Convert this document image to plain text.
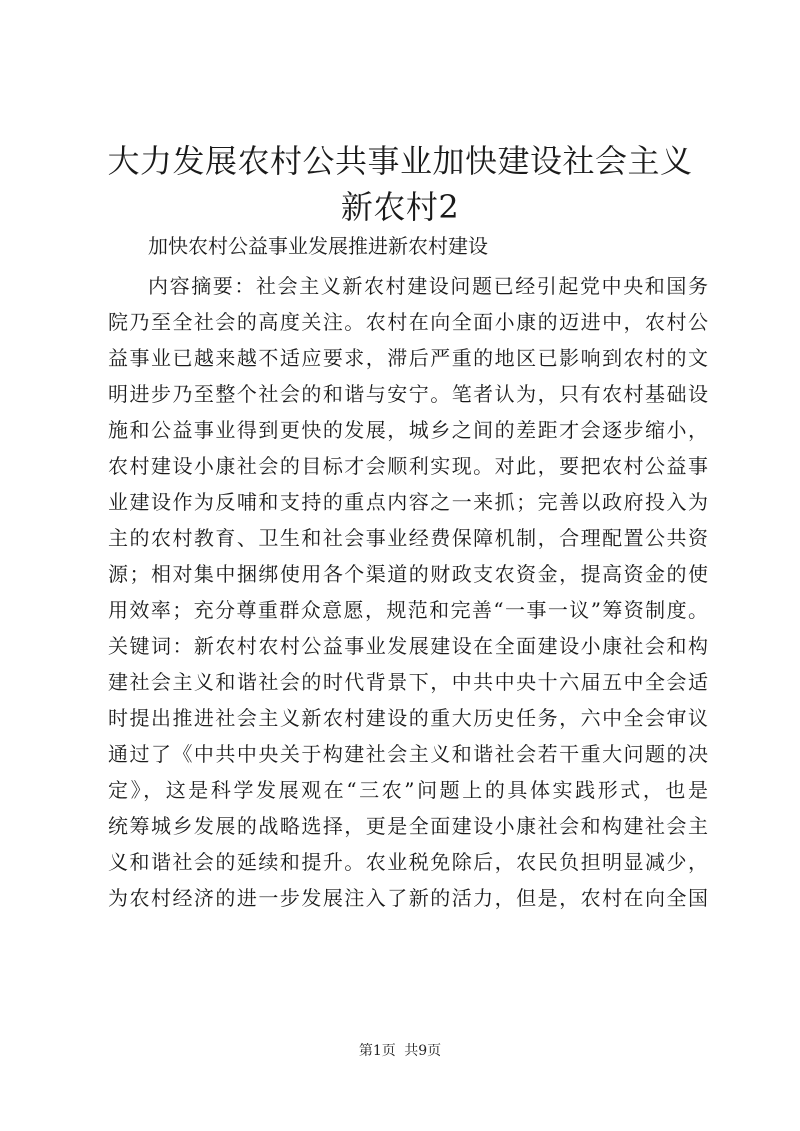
大力发展农村公共事业加快建设社会主义新农村2

加快农村公益事业发展推进新农村建设

内容摘要：社会主义新农村建设问题已经引起党中央和国务
院乃至全社会的高度关注。农村在向全面小康的迈进中，农村公
益事业已越来越不适应要求，滞后严重的地区已影响到农村的文
明进步乃至整个社会的和谐与安宁。笔者认为，只有农村基础设
施和公益事业得到更快的发展，城乡之间的差距才会逐步缩小，
农村建设小康社会的目标才会顺利实现。对此，要把农村公益事
业建设作为反哺和支持的重点内容之一来抓；完善以政府投入为
主的农村教育、卫生和社会事业经费保障机制，合理配置公共资
源；相对集中捆绑使用各个渠道的财政支农资金，提高资金的使
用效率；充分尊重群众意愿，规范和完善“一事一议”筹资制度。
关键词：新农村农村公益事业发展建设在全面建设小康社会和构
建社会主义和谐社会的时代背景下，中共中央十六届五中全会适
时提出推进社会主义新农村建设的重大历史任务，六中全会审议
通过了《中共中央关于构建社会主义和谐社会若干重大问题的决
定》，这是科学发展观在“三农”问题上的具体实践形式，也是
统筹城乡发展的战略选择，更是全面建设小康社会和构建社会主
义和谐社会的延续和提升。农业税免除后，农民负担明显减少，
为农村经济的进一步发展注入了新的活力，但是，农村在向全国
第1页 共9页
